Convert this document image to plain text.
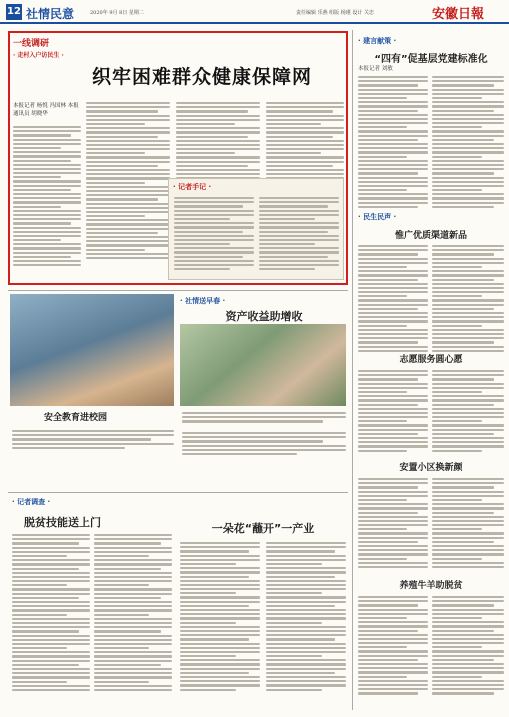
12 社情民意	2020年 9月 8日 星期二	责任编辑 乐燕 组版 杨瑾 设计 关忠	安徽日報
一线调研
· 走村入户访民生 ·
织牢困难群众健康保障网
本报记者 杨悦 冯国林 本报通讯员 胡晓华
· 记者手记 ·
· 建言献策 ·
“四有”促基层党建标准化
本报记者 刘敏
· 民生民声 ·
惟广优质渠道新品
志愿服务圆心愿
安置小区换新颜
养殖牛羊助脱贫
· 社情送早春 ·
资产收益助增收
安全教育进校园
· 记者调查 ·
脱贫技能送上门	一朵花“蘸开”一产业
